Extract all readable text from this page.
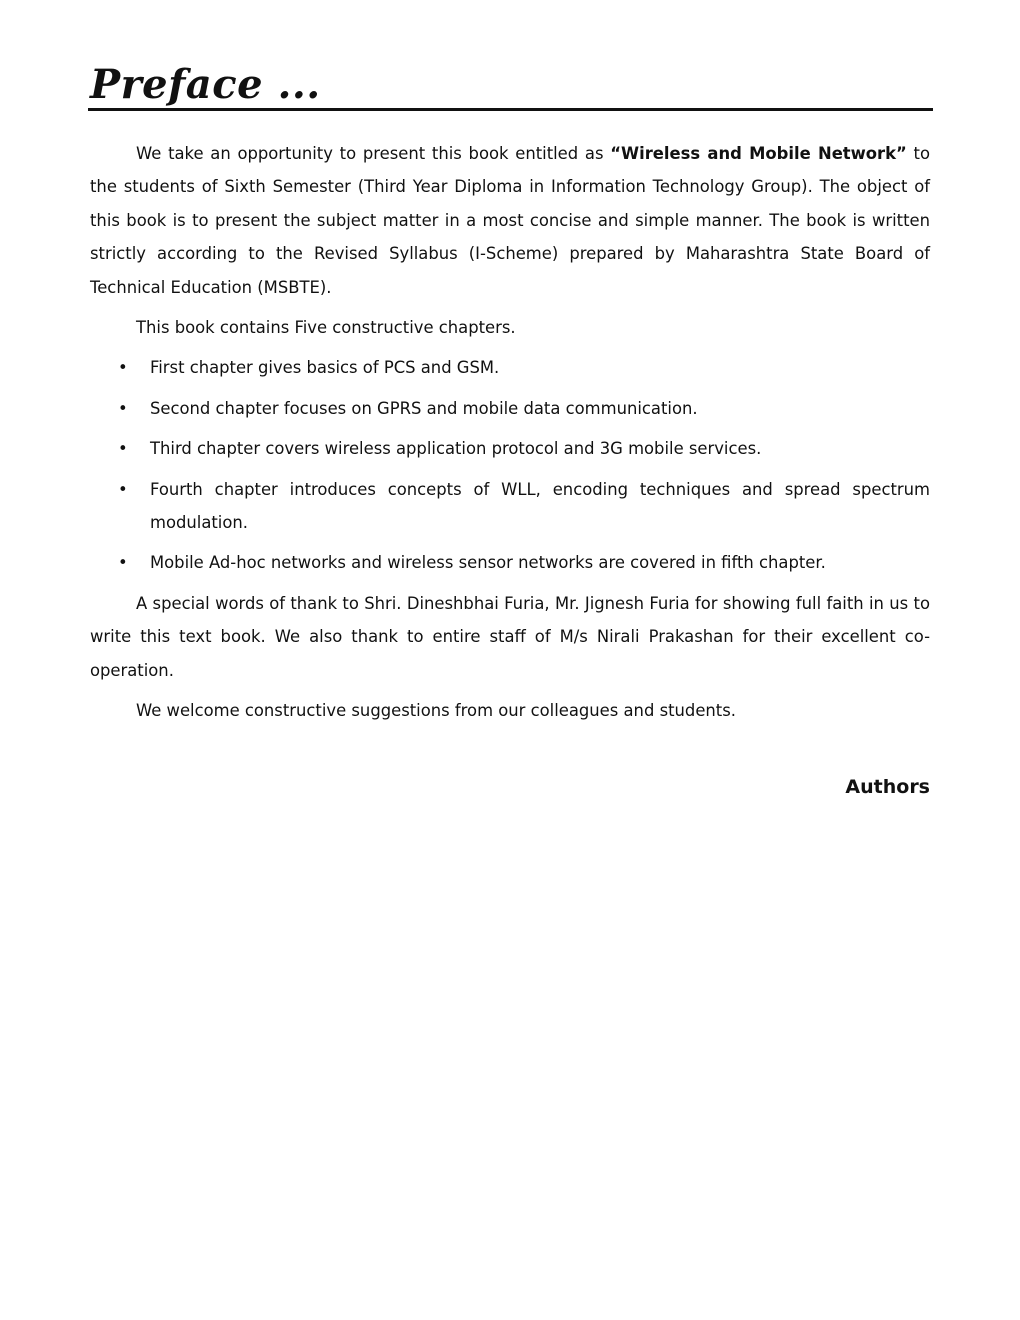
Preface ...

We take an opportunity to present this book entitled as “Wireless and Mobile Network” to the students of Sixth Semester (Third Year Diploma in Information Technology Group). The object of this book is to present the subject matter in a most concise and simple manner. The book is written strictly according to the Revised Syllabus (I-Scheme) prepared by Maharashtra State Board of Technical Education (MSBTE).

This book contains Five constructive chapters.

• First chapter gives basics of PCS and GSM.
• Second chapter focuses on GPRS and mobile data communication.
• Third chapter covers wireless application protocol and 3G mobile services.
• Fourth chapter introduces concepts of WLL, encoding techniques and spread spectrum modulation.
• Mobile Ad-hoc networks and wireless sensor networks are covered in fifth chapter.

A special words of thank to Shri. Dineshbhai Furia, Mr. Jignesh Furia for showing full faith in us to write this text book. We also thank to entire staff of M/s Nirali Prakashan for their excellent co-operation.

We welcome constructive suggestions from our colleagues and students.

Authors
